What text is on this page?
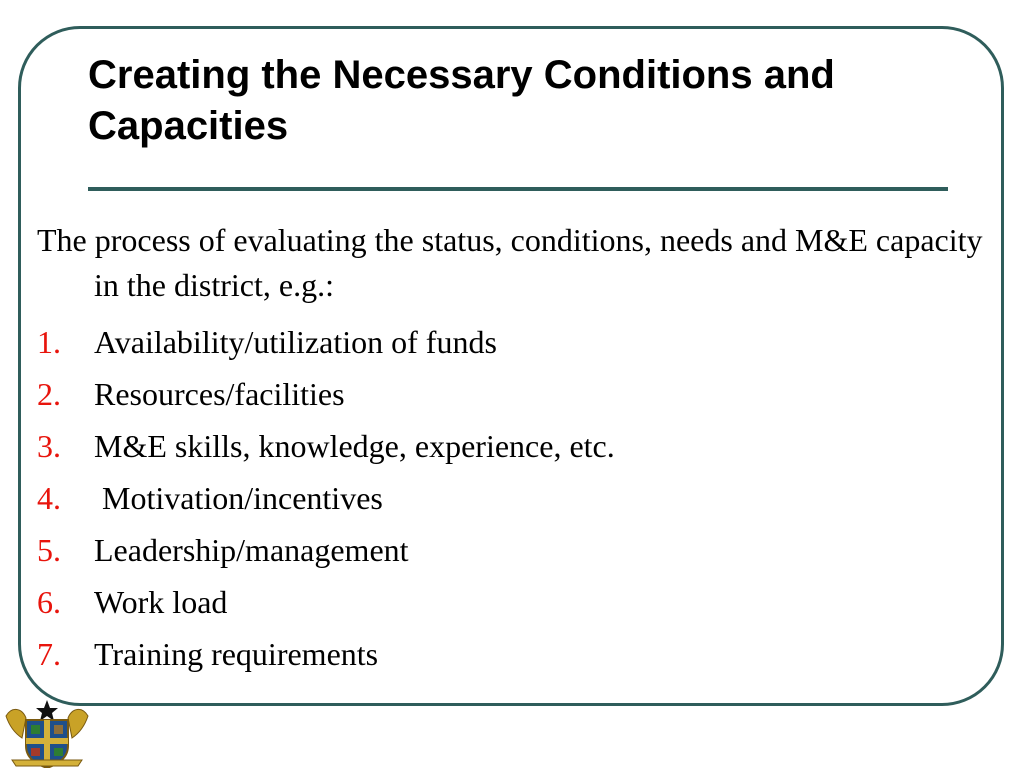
Creating the Necessary Conditions and Capacities

The process of evaluating the status, conditions, needs and M&E capacity in the district, e.g.:

1.	Availability/utilization of funds
2.	Resources/facilities
3.	M&E skills, knowledge, experience, etc.
4.	Motivation/incentives
5.	Leadership/management
6.	Work load
7.	Training requirements
